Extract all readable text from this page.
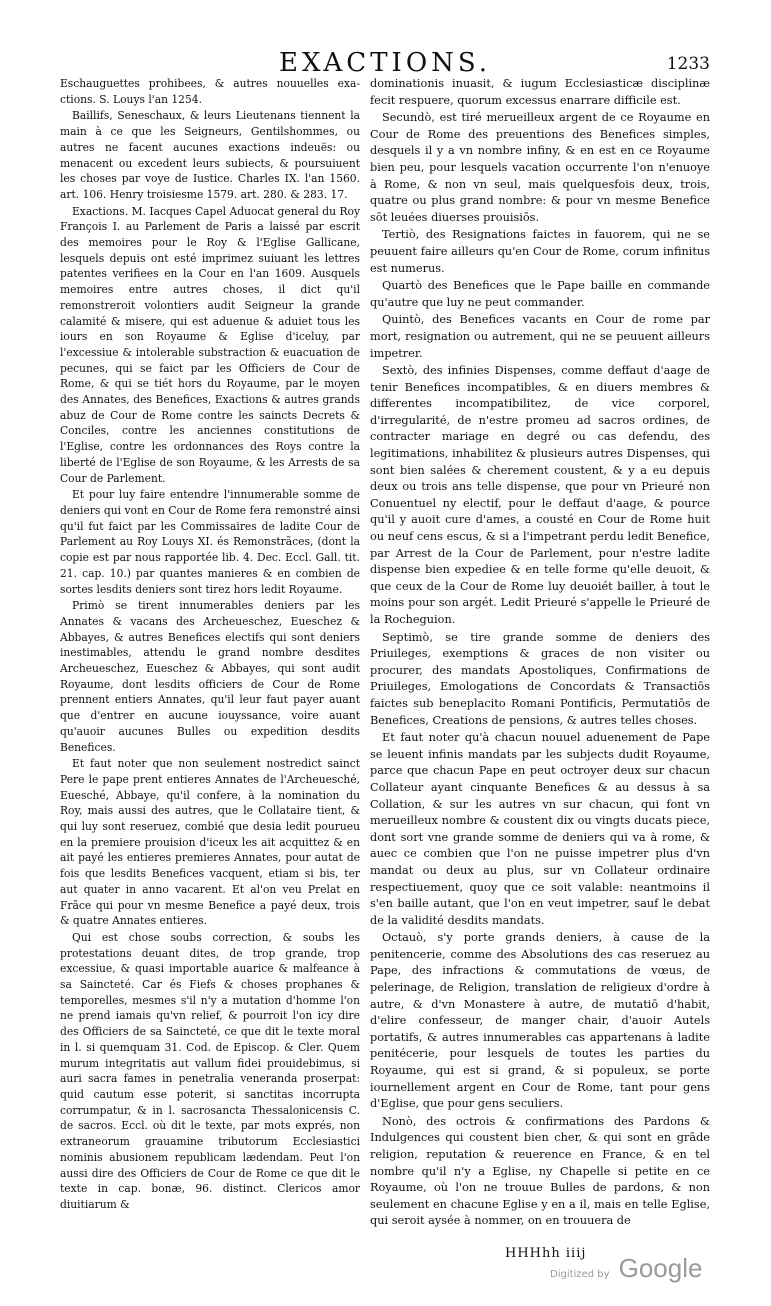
EXACTIONS.	1233

Eschauguettes prohibees, & autres nouuelles exa-ctions. S. Louys l'an 1254.

Baillifs, Seneschaux, & leurs Lieutenans tiennent la main à ce que les Seigneurs, Gentilshommes, ou autres ne facent aucunes exactions indeuës: ou menacent ou excedent leurs subiects, & poursuiuent les choses par voye de Iustice. Charles IX. l'an 1560. art. 106. Henry troisiesme 1579. art. 280. & 283. 17.

Exactions. M. Iacques Capel Aduocat general du Roy François I. au Parlement de Paris a laissé par escrit des memoires pour le Roy & l'Eglise Gallicane, lesquels depuis ont esté imprimez suiuant les lettres patentes verifiees en la Cour en l'an 1609. Ausquels memoires entre autres choses, il dict qu'il remonstreroit volontiers audit Seigneur la grande calamité & misere, qui est aduenue & aduiet tous les iours en son Royaume & Eglise d'iceluy, par l'excessiue & intolerable substraction & euacuation de pecunes, qui se faict par les Officiers de Cour de Rome, & qui se tiét hors du Royaume, par le moyen des Annates, des Benefices, Exactions & autres grands abuz de Cour de Rome contre les saincts Decrets & Conciles, contre les anciennes constitutions de l'Eglise, contre les ordonnances des Roys contre la liberté de l'Eglise de son Royaume, & les Arrests de sa Cour de Parlement.

Et pour luy faire entendre l'innumerable somme de deniers qui vont en Cour de Rome fera remonstré ainsi qu'il fut faict par les Commissaires de ladite Cour de Parlement au Roy Louys XI. és Remonstrãces, (dont la copie est par nous rapportée lib. 4. Dec. Eccl. Gall. tit. 21. cap. 10.) par quantes manieres & en combien de sortes lesdits deniers sont tirez hors ledit Royaume.

Primò se tirent innumerables deniers par les Annates & vacans des Archeueschez, Eueschez & Abbayes, & autres Benefices electifs qui sont deniers inestimables, attendu le grand nombre desdites Archeueschez, Eueschez & Abbayes, qui sont audit Royaume, dont lesdits officiers de Cour de Rome prennent entiers Annates, qu'il leur faut payer auant que d'entrer en aucune iouyssance, voire auant qu'auoir aucunes Bulles ou expedition desdits Benefices.

Et faut noter que non seulement nostredict sainct Pere le pape prent entieres Annates de l'Archeuesché, Euesché, Abbaye, qu'il confere, à la nomination du Roy, mais aussi des autres, que le Collataire tient, & qui luy sont reseruez, combié que desia ledit pourueu en la premiere prouision d'iceux les ait acquittez & en ait payé les entieres premieres Annates, pour autat de fois que lesdits Benefices vacquent, etiam si bis, ter aut quater in anno vacarent. Et al'on veu Prelat en Frãce qui pour vn mesme Benefice a payé deux, trois & quatre Annates entieres.

Qui est chose soubs correction, & soubs les protestations deuant dites, de trop grande, trop excessiue, & quasi importable auarice & malfeance à sa Saincteté. Car és Fiefs & choses prophanes & temporelles, mesmes s'il n'y a mutation d'homme l'on ne prend iamais qu'vn relief, & pourroit l'on icy dire des Officiers de sa Saincteté, ce que dit le texte moral in l. si quemquam 31. Cod. de Episcop. & Cler. Quem murum integritatis aut vallum fidei prouidebimus, si auri sacra fames in penetralia veneranda proserpat: quid cautum esse poterit, si sanctitas incorrupta corrumpatur, & in l. sacrosancta Thessalonicensis C. de sacros. Eccl. où dit le texte, par mots exprés, non extraneorum grauamine tributorum Ecclesiastici nominis abusionem republicam lædendam. Peut l'on aussi dire des Officiers de Cour de Rome ce que dit le texte in cap. bonæ, 96. distinct. Clericos amor diuitiarum &

dominationis inuasit, & iugum Ecclesiasticæ disciplinæ fecit respuere, quorum excessus enarrare difficile est.

Secundò, est tiré merueilleux argent de ce Royaume en Cour de Rome des preuentions des Benefices simples, desquels il y a vn nombre infiny, & en est en ce Royaume bien peu, pour lesquels vacation occurrente l'on n'enuoye à Rome, & non vn seul, mais quelquesfois deux, trois, quatre ou plus grand nombre: & pour vn mesme Benefice sōt leuées diuerses prouisiōs.

Tertiò, des Resignations faictes in fauorem, qui ne se peuuent faire ailleurs qu'en Cour de Rome, corum infinitus est numerus.

Quartò des Benefices que le Pape baille en commande qu'autre que luy ne peut commander.

Quintò, des Benefices vacants en Cour de rome par mort, resignation ou autrement, qui ne se peuuent ailleurs impetrer.

Sextò, des infinies Dispenses, comme deffaut d'aage de tenir Benefices incompatibles, & en diuers membres & differentes incompatibilitez, de vice corporel, d'irregularité, de n'estre promeu ad sacros ordines, de contracter mariage en degré ou cas defendu, des legitimations, inhabilitez & plusieurs autres Dispenses, qui sont bien salées & cherement coustent, & y a eu depuis deux ou trois ans telle dispense, que pour vn Prieuré non Conuentuel ny electif, pour le deffaut d'aage, & pource qu'il y auoit cure d'ames, a cousté en Cour de Rome huit ou neuf cens escus, & si a l'impetrant perdu ledit Benefice, par Arrest de la Cour de Parlement, pour n'estre ladite dispense bien expediee & en telle forme qu'elle deuoit, & que ceux de la Cour de Rome luy deuoiét bailler, à tout le moins pour son argét. Ledit Prieuré s'appelle le Prieuré de la Rocheguion.

Septimò, se tire grande somme de deniers des Priuileges, exemptions & graces de non visiter ou procurer, des mandats Apostoliques, Confirmations de Priuileges, Emologations de Concordats & Transactiōs faictes sub beneplacito Romani Pontificis, Permutatiōs de Benefices, Creations de pensions, & autres telles choses.

Et faut noter qu'à chacun nouuel aduenement de Pape se leuent infinis mandats par les subjects dudit Royaume, parce que chacun Pape en peut octroyer deux sur chacun Collateur ayant cinquante Benefices & au dessus à sa Collation, & sur les autres vn sur chacun, qui font vn merueilleux nombre & coustent dix ou vingts ducats piece, dont sort vne grande somme de deniers qui va à rome, & auec ce combien que l'on ne puisse impetrer plus d'vn mandat ou deux au plus, sur vn Collateur ordinaire respectiuement, quoy que ce soit valable: neantmoins il s'en baille autant, que l'on en veut impetrer, sauf le debat de la validité desdits mandats.

Octauò, s'y porte grands deniers, à cause de la penitencerie, comme des Absolutions des cas reseruez au Pape, des infractions & commutations de vœus, de pelerinage, de Religion, translation de religieux d'ordre à autre, & d'vn Monastere à autre, de mutatiō d'habit, d'elire confesseur, de manger chair, d'auoir Autels portatifs, & autres innumerables cas appartenans à ladite penitécerie, pour lesquels de toutes les parties du Royaume, qui est si grand, & si populeux, se porte iournellement argent en Cour de Rome, tant pour gens d'Eglise, que pour gens seculiers.

Nonò, des octrois & confirmations des Pardons & Indulgences qui coustent bien cher, & qui sont en grāde religion, reputation & reuerence en France, & en tel nombre qu'il n'y a Eglise, ny Chapelle si petite en ce Royaume, où l'on ne trouue Bulles de pardons, & non seulement en chacune Eglise y en a il, mais en telle Eglise, qui seroit aysée à nommer, on en trouuera de

HHHhh iiij
Digitized by Google
